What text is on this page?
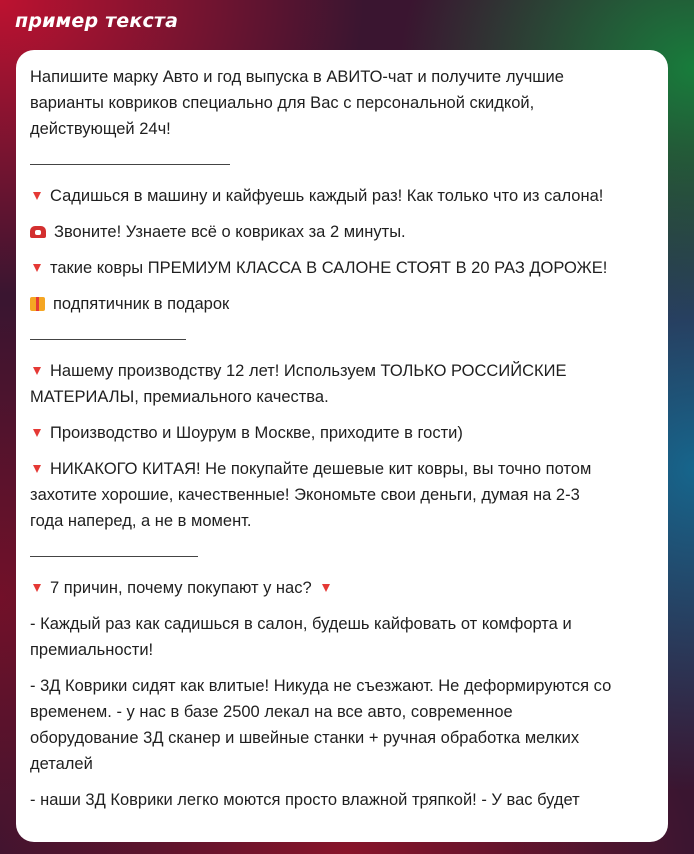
пример текста
Напишите марку Авто и год выпуска в АВИТО-чат и получите лучшие
варианты ковриков специально для Вас с персональной скидкой,
действующей 24ч!
Садишься в машину и кайфуешь каждый раз! Как только что из салона!
Звоните! Узнаете всё о ковриках за 2 минуты.
такие ковры ПРЕМИУМ КЛАССА В САЛОНЕ СТОЯТ В 20 РАЗ ДОРОЖЕ!
подпятичник в подарок
Нашему производству 12 лет! Используем ТОЛЬКО РОССИЙСКИЕ
МАТЕРИАЛЫ, премиального качества.
Производство и Шоурум в Москве, приходите в гости)
НИКАКОГО КИТАЯ! Не покупайте дешевые кит ковры, вы точно потом
захотите хорошие, качественные! Экономьте свои деньги, думая на 2-3
года наперед, а не в момент.
7 причин, почему покупают у нас?
- Каждый раз как садишься в салон, будешь кайфовать от комфорта и
премиальности!
- 3Д Коврики сидят как влитые! Никуда не съезжают. Не деформируются со
временем. - у нас в базе 2500 лекал на все авто, современное
оборудование 3Д сканер и швейные станки + ручная обработка мелких
деталей
- наши 3Д Коврики легко моются просто влажной тряпкой! - У вас будет
